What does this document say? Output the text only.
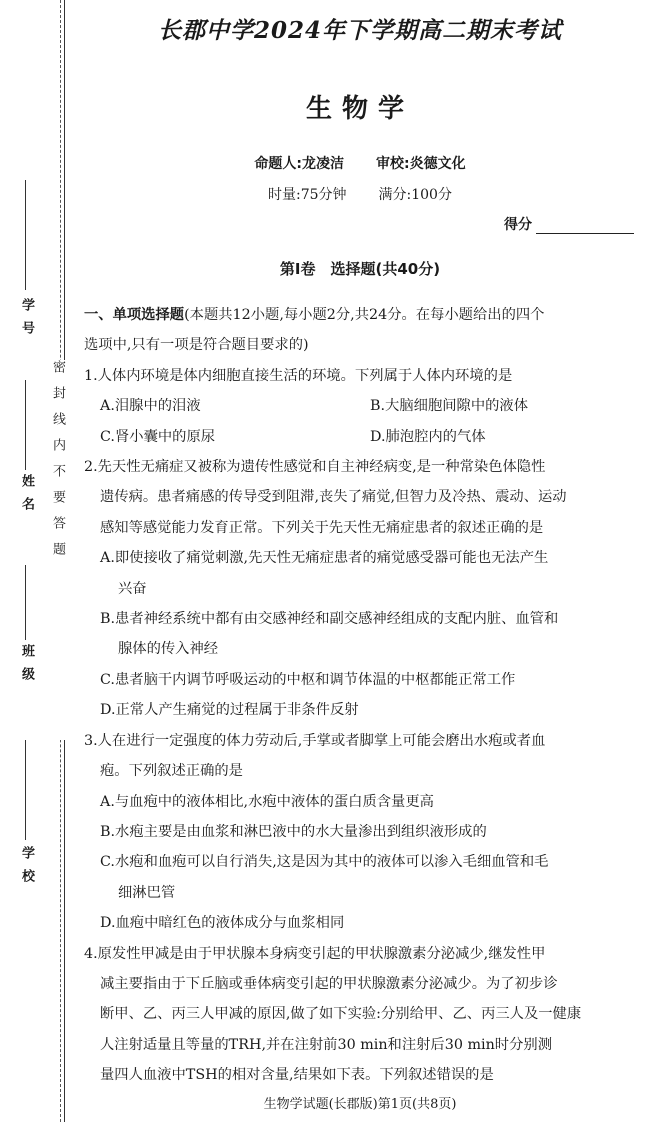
学号
姓名
班级
学校
密封线内不要答题
长郡中学2024年下学期高二期末考试
生物学
命题人:龙凌洁 审校:炎德文化
时量:75分钟 满分:100分
得分
第Ⅰ卷　选择题(共40分)
一、单项选择题(本题共12小题,每小题2分,共24分。在每小题给出的四个
选项中,只有一项是符合题目要求的)
1.人体内环境是体内细胞直接生活的环境。下列属于人体内环境的是
A.泪腺中的泪液	B.大脑细胞间隙中的液体
C.肾小囊中的原尿	D.肺泡腔内的气体
2.先天性无痛症又被称为遗传性感觉和自主神经病变,是一种常染色体隐性
遗传病。患者痛感的传导受到阻滞,丧失了痛觉,但智力及冷热、震动、运动
感知等感觉能力发育正常。下列关于先天性无痛症患者的叙述正确的是
A.即使接收了痛觉刺激,先天性无痛症患者的痛觉感受器可能也无法产生
兴奋
B.患者神经系统中都有由交感神经和副交感神经组成的支配内脏、血管和
腺体的传入神经
C.患者脑干内调节呼吸运动的中枢和调节体温的中枢都能正常工作
D.正常人产生痛觉的过程属于非条件反射
3.人在进行一定强度的体力劳动后,手掌或者脚掌上可能会磨出水疱或者血
疱。下列叙述正确的是
A.与血疱中的液体相比,水疱中液体的蛋白质含量更高
B.水疱主要是由血浆和淋巴液中的水大量渗出到组织液形成的
C.水疱和血疱可以自行消失,这是因为其中的液体可以渗入毛细血管和毛
细淋巴管
D.血疱中暗红色的液体成分与血浆相同
4.原发性甲减是由于甲状腺本身病变引起的甲状腺激素分泌减少,继发性甲
减主要指由于下丘脑或垂体病变引起的甲状腺激素分泌减少。为了初步诊
断甲、乙、丙三人甲减的原因,做了如下实验:分别给甲、乙、丙三人及一健康
人注射适量且等量的TRH,并在注射前30 min和注射后30 min时分别测
量四人血液中TSH的相对含量,结果如下表。下列叙述错误的是
生物学试题(长郡版)第1页(共8页)
